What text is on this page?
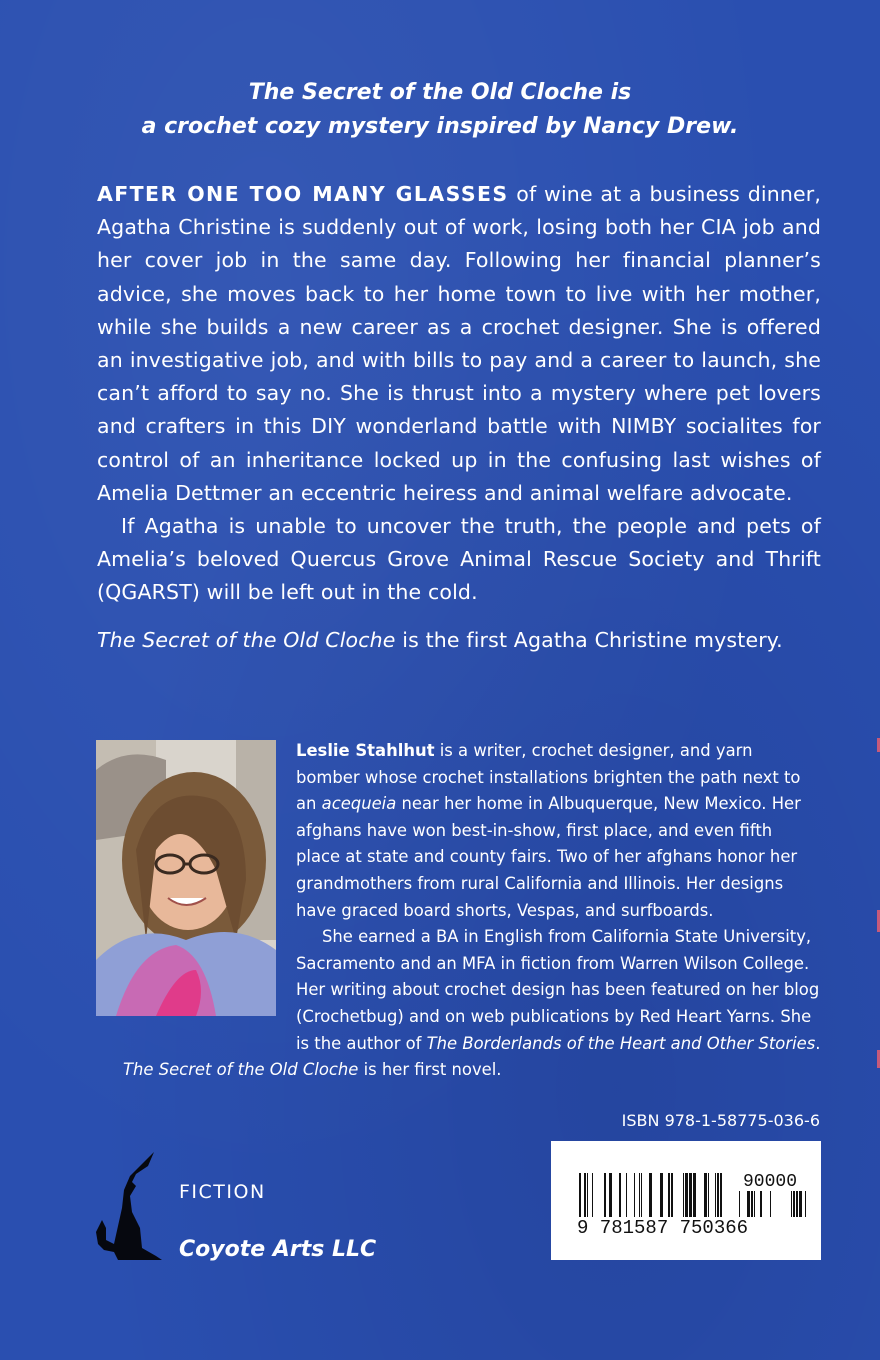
The Secret of the Old Cloche is
a crochet cozy mystery inspired by Nancy Drew.

AFTER ONE TOO MANY GLASSES of wine at a business dinner, Agatha Christine is suddenly out of work, losing both her CIA job and her cover job in the same day. Following her financial planner’s advice, she moves back to her home town to live with her mother, while she builds a new career as a crochet designer. She is offered an investigative job, and with bills to pay and a career to launch, she can’t afford to say no. She is thrust into a mystery where pet lovers and crafters in this DIY wonderland battle with NIMBY socialites for control of an inheritance locked up in the confusing last wishes of Amelia Dettmer an eccentric heiress and animal welfare advocate.

If Agatha is unable to uncover the truth, the people and pets of Amelia’s beloved Quercus Grove Animal Rescue Society and Thrift (QGARST) will be left out in the cold.

The Secret of the Old Cloche is the first Agatha Christine mystery.

Leslie Stahlhut is a writer, crochet designer, and yarn bomber whose crochet installations brighten the path next to an acequeia near her home in Albuquerque, New Mexico. Her afghans have won best-in-show, first place, and even fifth place at state and county fairs. Two of her afghans honor her grandmothers from rural California and Illinois. Her designs have graced board shorts, Vespas, and surfboards.

She earned a BA in English from California State University, Sacramento and an MFA in fiction from Warren Wilson College. Her writing about crochet design has been featured on her blog (Crochetbug) and on web publications by Red Heart Yarns. She is the author of The Borderlands of the Heart and Other Stories.

The Secret of the Old Cloche is her first novel.

ISBN 978-1-58775-036-6
9 781587 750366
90000
FICTION
Coyote Arts LLC
